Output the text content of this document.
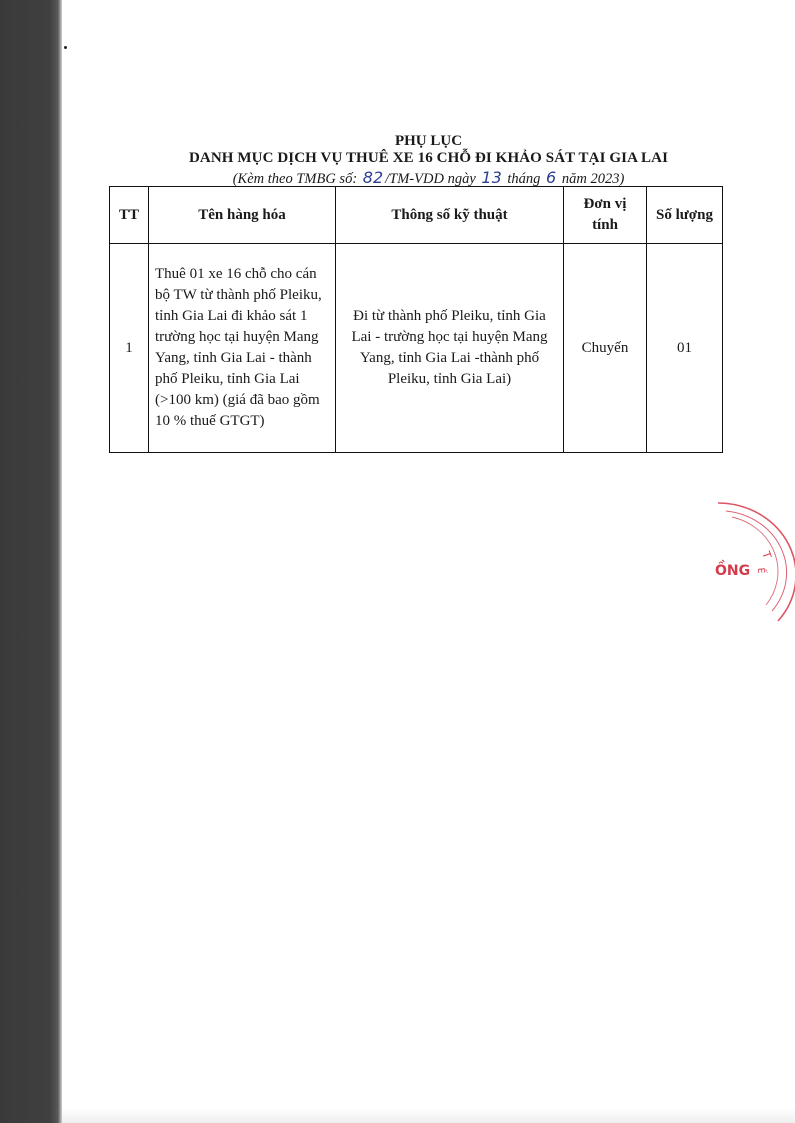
PHỤ LỤC
DANH MỤC DỊCH VỤ THUÊ XE 16 CHỖ ĐI KHẢO SÁT TẠI GIA LAI
(Kèm theo TMBG số: 82 /TM-VDD ngày 13 tháng 6 năm 2023)
TT	Tên hàng hóa	Thông số kỹ thuật	Đơn vị tính	Số lượng
1	Thuê 01 xe 16 chỗ cho cán bộ TW từ thành phố Pleiku, tỉnh Gia Lai đi khảo sát 1 trường học tại huyện Mang Yang, tỉnh Gia Lai - thành phố Pleiku, tỉnh Gia Lai (>100 km) (giá đã bao gồm 10 % thuế GTGT)	Đi từ thành phố Pleiku, tỉnh Gia Lai - trường học tại huyện Mang Yang, tỉnh Gia Lai -thành phố Pleiku, tỉnh Gia Lai)	Chuyến	01
T
Ế
ỒNG
